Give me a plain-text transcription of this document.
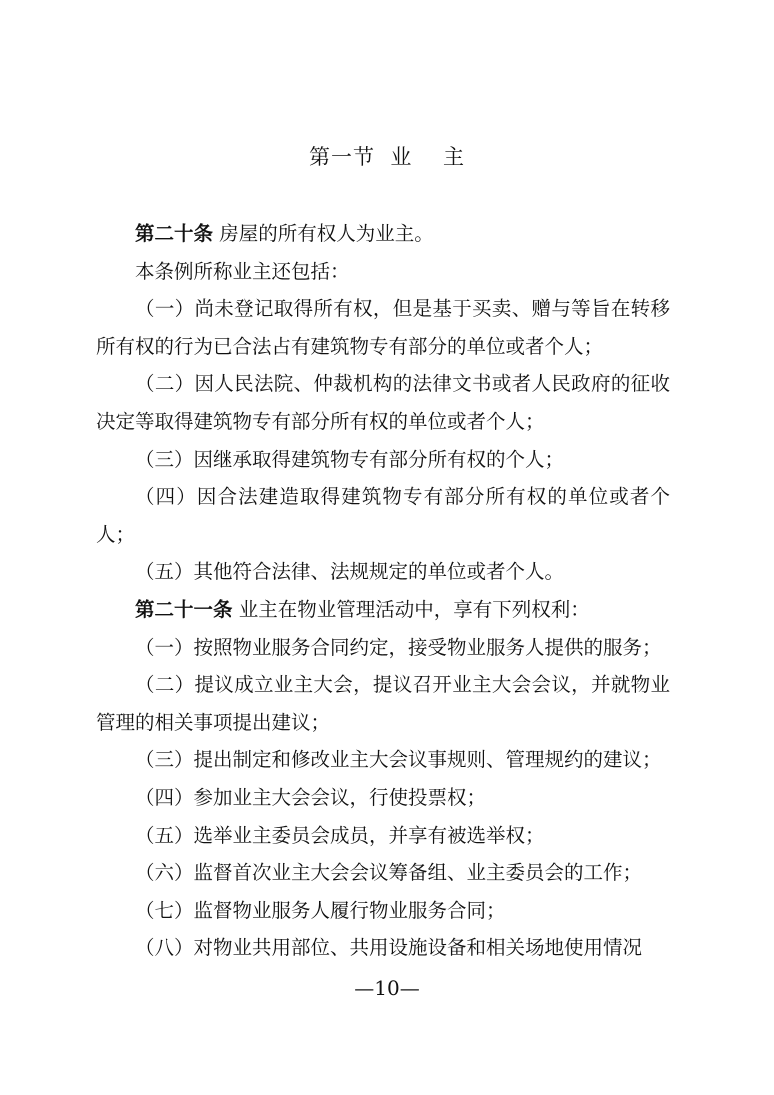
第一节  业    主

第二十条 房屋的所有权人为业主。

本条例所称业主还包括：

（一）尚未登记取得所有权，但是基于买卖、赠与等旨在转移所有权的行为已合法占有建筑物专有部分的单位或者个人；

（二）因人民法院、仲裁机构的法律文书或者人民政府的征收决定等取得建筑物专有部分所有权的单位或者个人；

（三）因继承取得建筑物专有部分所有权的个人；

（四）因合法建造取得建筑物专有部分所有权的单位或者个人；

（五）其他符合法律、法规规定的单位或者个人。

第二十一条 业主在物业管理活动中，享有下列权利：

（一）按照物业服务合同约定，接受物业服务人提供的服务；

（二）提议成立业主大会，提议召开业主大会会议，并就物业管理的相关事项提出建议；

（三）提出制定和修改业主大会议事规则、管理规约的建议；

（四）参加业主大会会议，行使投票权；

（五）选举业主委员会成员，并享有被选举权；

（六）监督首次业主大会会议筹备组、业主委员会的工作；

（七）监督物业服务人履行物业服务合同；

（八）对物业共用部位、共用设施设备和相关场地使用情况

—10—
